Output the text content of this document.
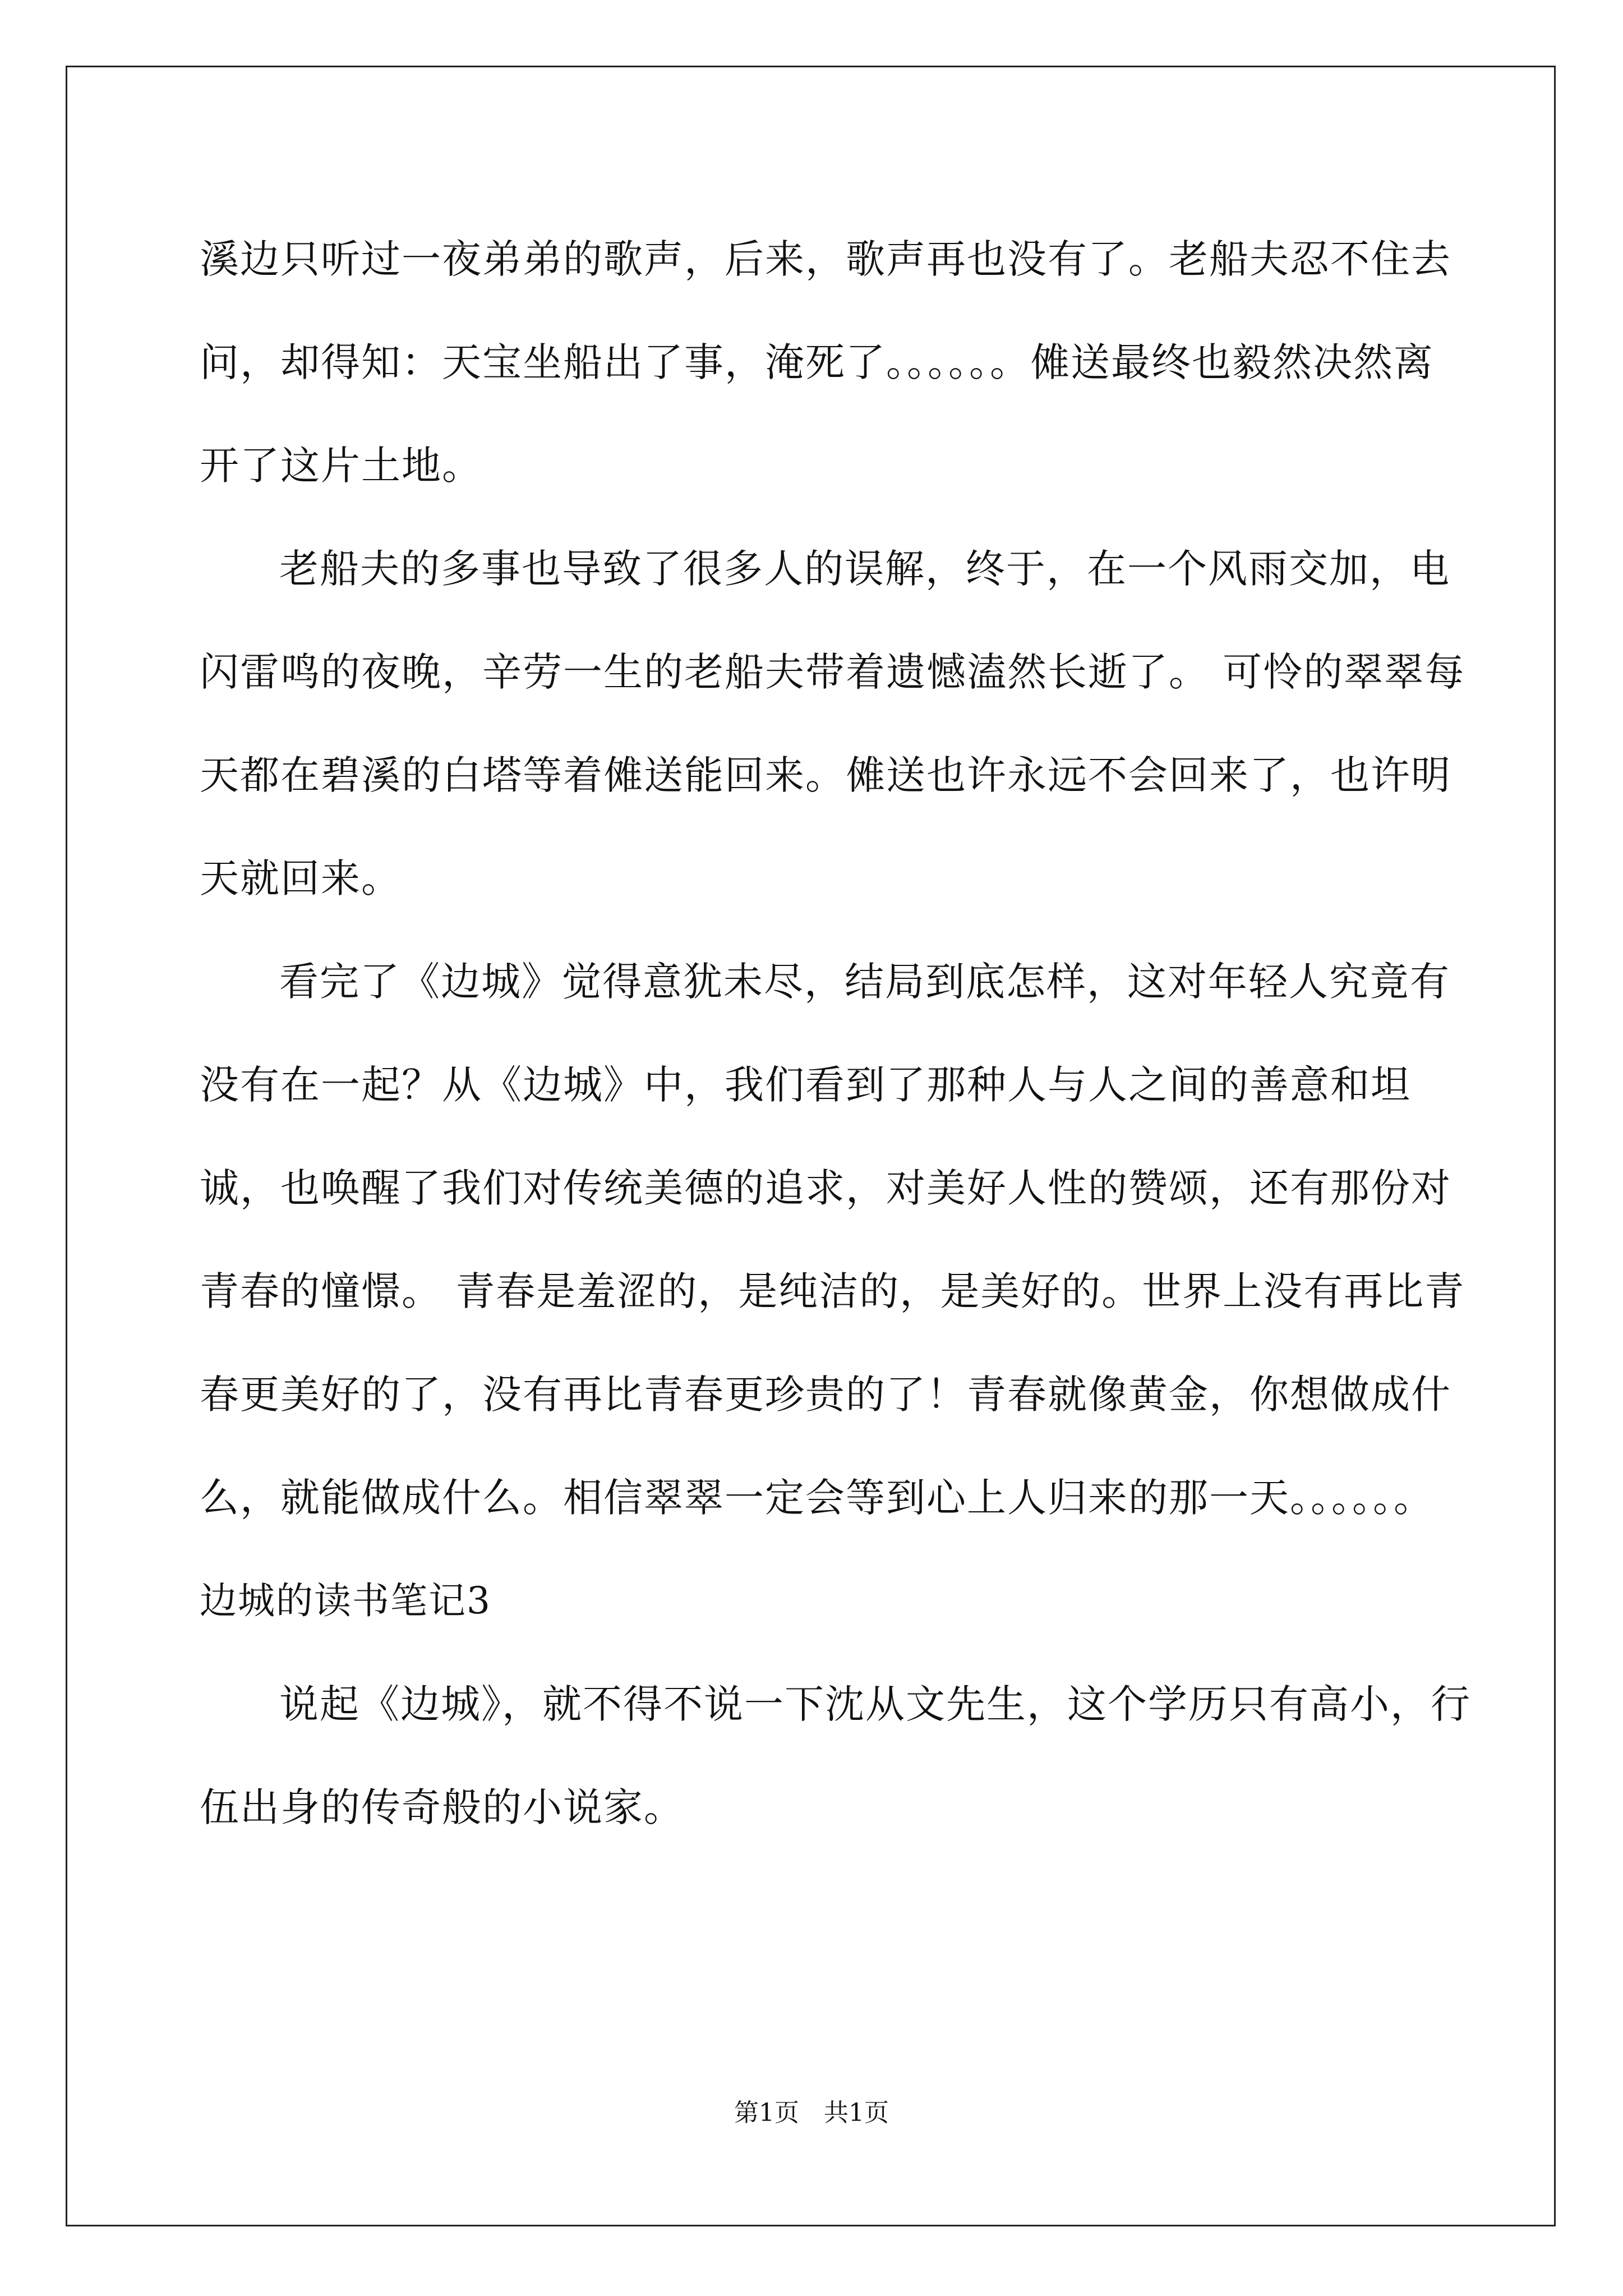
溪边只听过一夜弟弟的歌声，后来，歌声再也没有了。老船夫忍不住去问，却得知：天宝坐船出了事，淹死了。。。。。。傩送最终也毅然决然离开了这片土地。

老船夫的多事也导致了很多人的误解，终于，在一个风雨交加，电闪雷鸣的夜晚，辛劳一生的老船夫带着遗憾溘然长逝了。 可怜的翠翠每天都在碧溪的白塔等着傩送能回来。傩送也许永远不会回来了，也许明天就回来。

看完了《边城》觉得意犹未尽，结局到底怎样，这对年轻人究竟有没有在一起？从《边城》中，我们看到了那种人与人之间的善意和坦诚，也唤醒了我们对传统美德的追求，对美好人性的赞颂，还有那份对青春的憧憬。 青春是羞涩的，是纯洁的，是美好的。世界上没有再比青春更美好的了，没有再比青春更珍贵的了！青春就像黄金，你想做成什么，就能做成什么。相信翠翠一定会等到心上人归来的那一天。。。。。。

边城的读书笔记3

说起《边城》，就不得不说一下沈从文先生，这个学历只有高小，行伍出身的传奇般的小说家。

第1页　共1页
